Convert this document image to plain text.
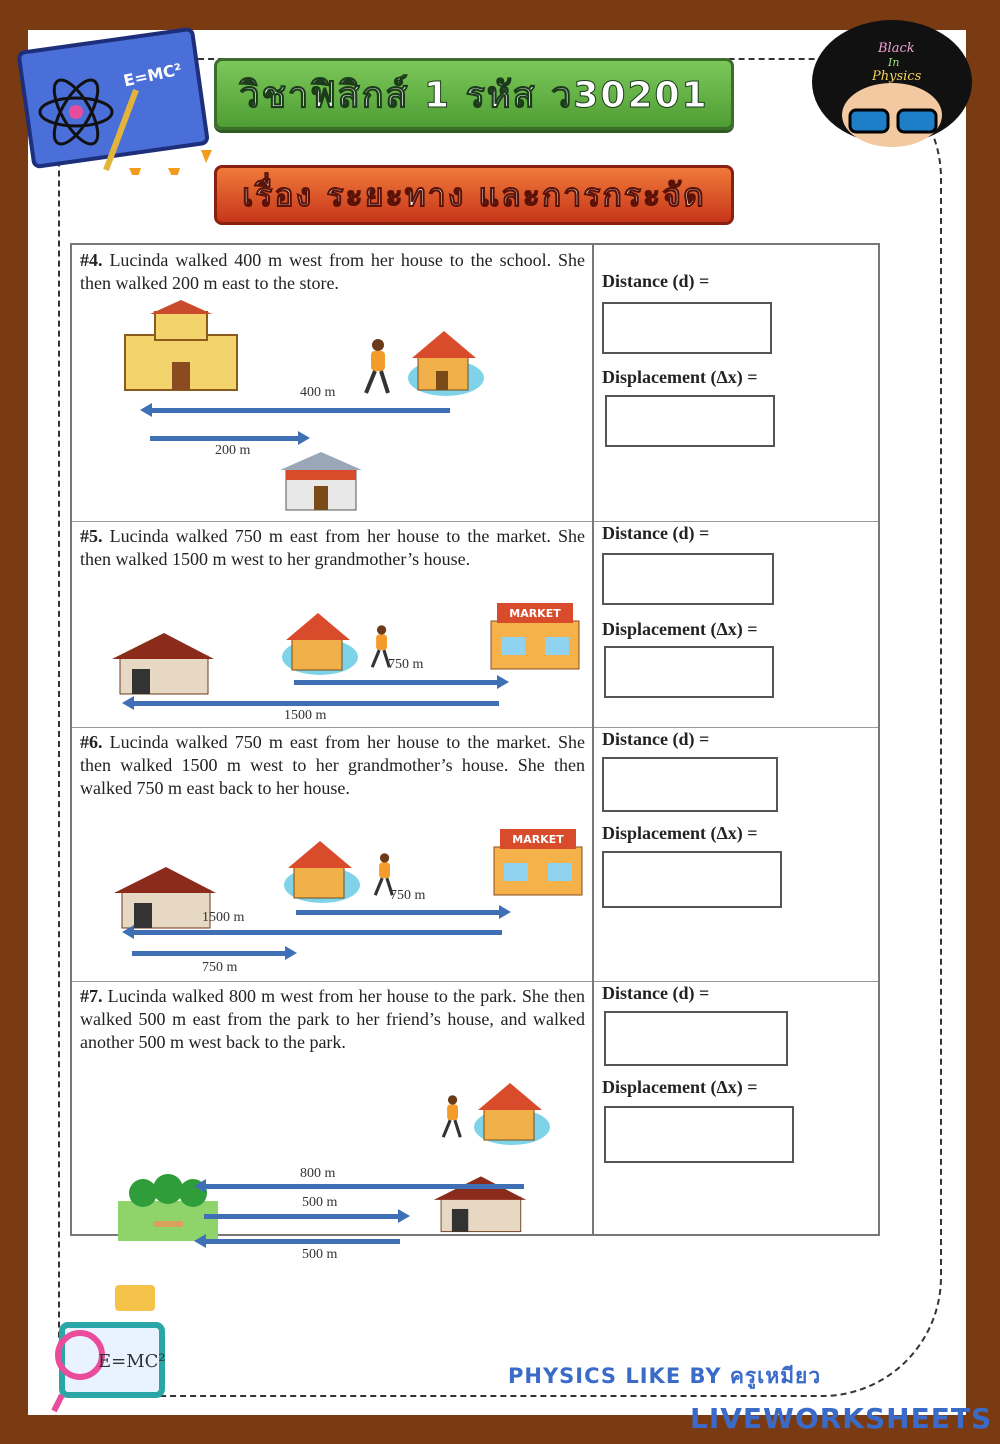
E=MC²
Black
In
Physics
วิชาฟิสิกส์ 1 รหัส ว30201
เรื่อง ระยะทาง และการกระจัด
#4. Lucinda walked 400 m west from her house to the school. She then walked 200 m east to the store.
400 m
200 m
Distance (d) =
Displacement (Δx) =
#5. Lucinda walked 750 m east from her house to the market. She then walked 1500 m west to her grandmother’s house.
MARKET
750 m
1500 m
Distance (d) =
Displacement (Δx) =
#6. Lucinda walked 750 m east from her house to the market. She then walked 1500 m west to her grandmother’s house. She then walked 750 m east back to her house.
MARKET
750 m
1500 m
750 m
Distance (d) =
Displacement (Δx) =
#7. Lucinda walked 800 m west from her house to the park. She then walked 500 m east from the park to her friend’s house, and walked another 500 m west back to the park.
800 m
500 m
500 m
Distance (d) =
Displacement (Δx) =
E=MC²
PHYSICS LIKE BY ครูเหมียว
LIVEWORKSHEETS
